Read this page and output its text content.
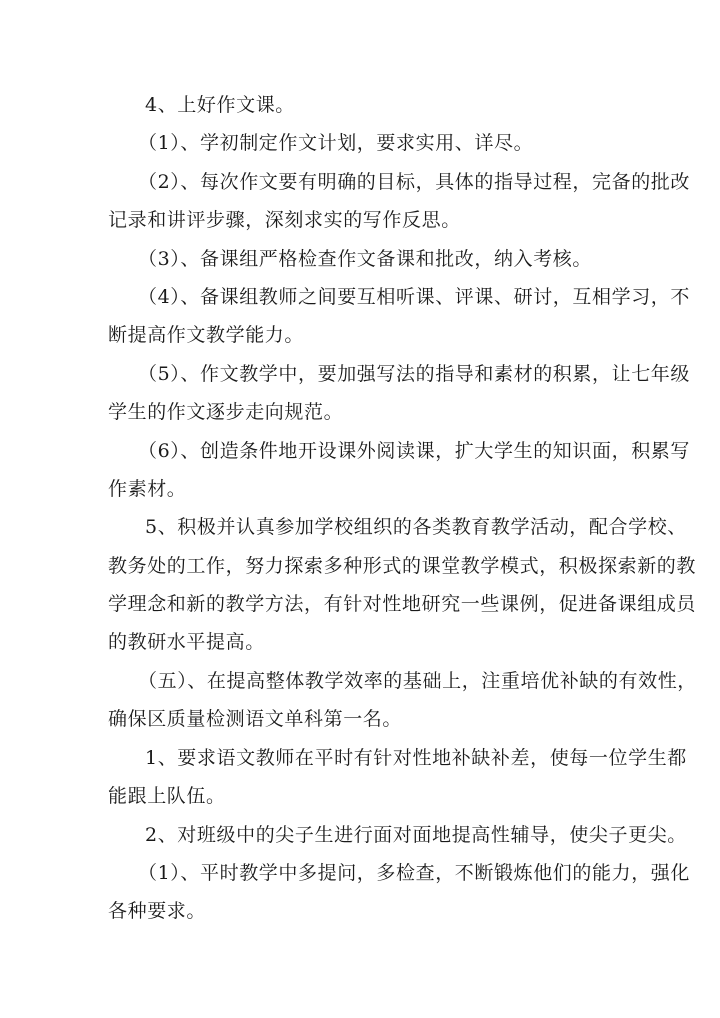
4、上好作文课。
（1）、学初制定作文计划，要求实用、详尽。
（2）、每次作文要有明确的目标，具体的指导过程，完备的批改
记录和讲评步骤，深刻求实的写作反思。
（3）、备课组严格检查作文备课和批改，纳入考核。
（4）、备课组教师之间要互相听课、评课、研讨，互相学习，不
断提高作文教学能力。
（5）、作文教学中，要加强写法的指导和素材的积累，让七年级
学生的作文逐步走向规范。
（6）、创造条件地开设课外阅读课，扩大学生的知识面，积累写
作素材。
5、积极并认真参加学校组织的各类教育教学活动，配合学校、
教务处的工作，努力探索多种形式的课堂教学模式，积极探索新的教
学理念和新的教学方法，有针对性地研究一些课例，促进备课组成员
的教研水平提高。
（五）、在提高整体教学效率的基础上，注重培优补缺的有效性，
确保区质量检测语文单科第一名。
1、要求语文教师在平时有针对性地补缺补差，使每一位学生都
能跟上队伍。
2、对班级中的尖子生进行面对面地提高性辅导，使尖子更尖。
（1）、平时教学中多提问，多检查，不断锻炼他们的能力，强化
各种要求。
